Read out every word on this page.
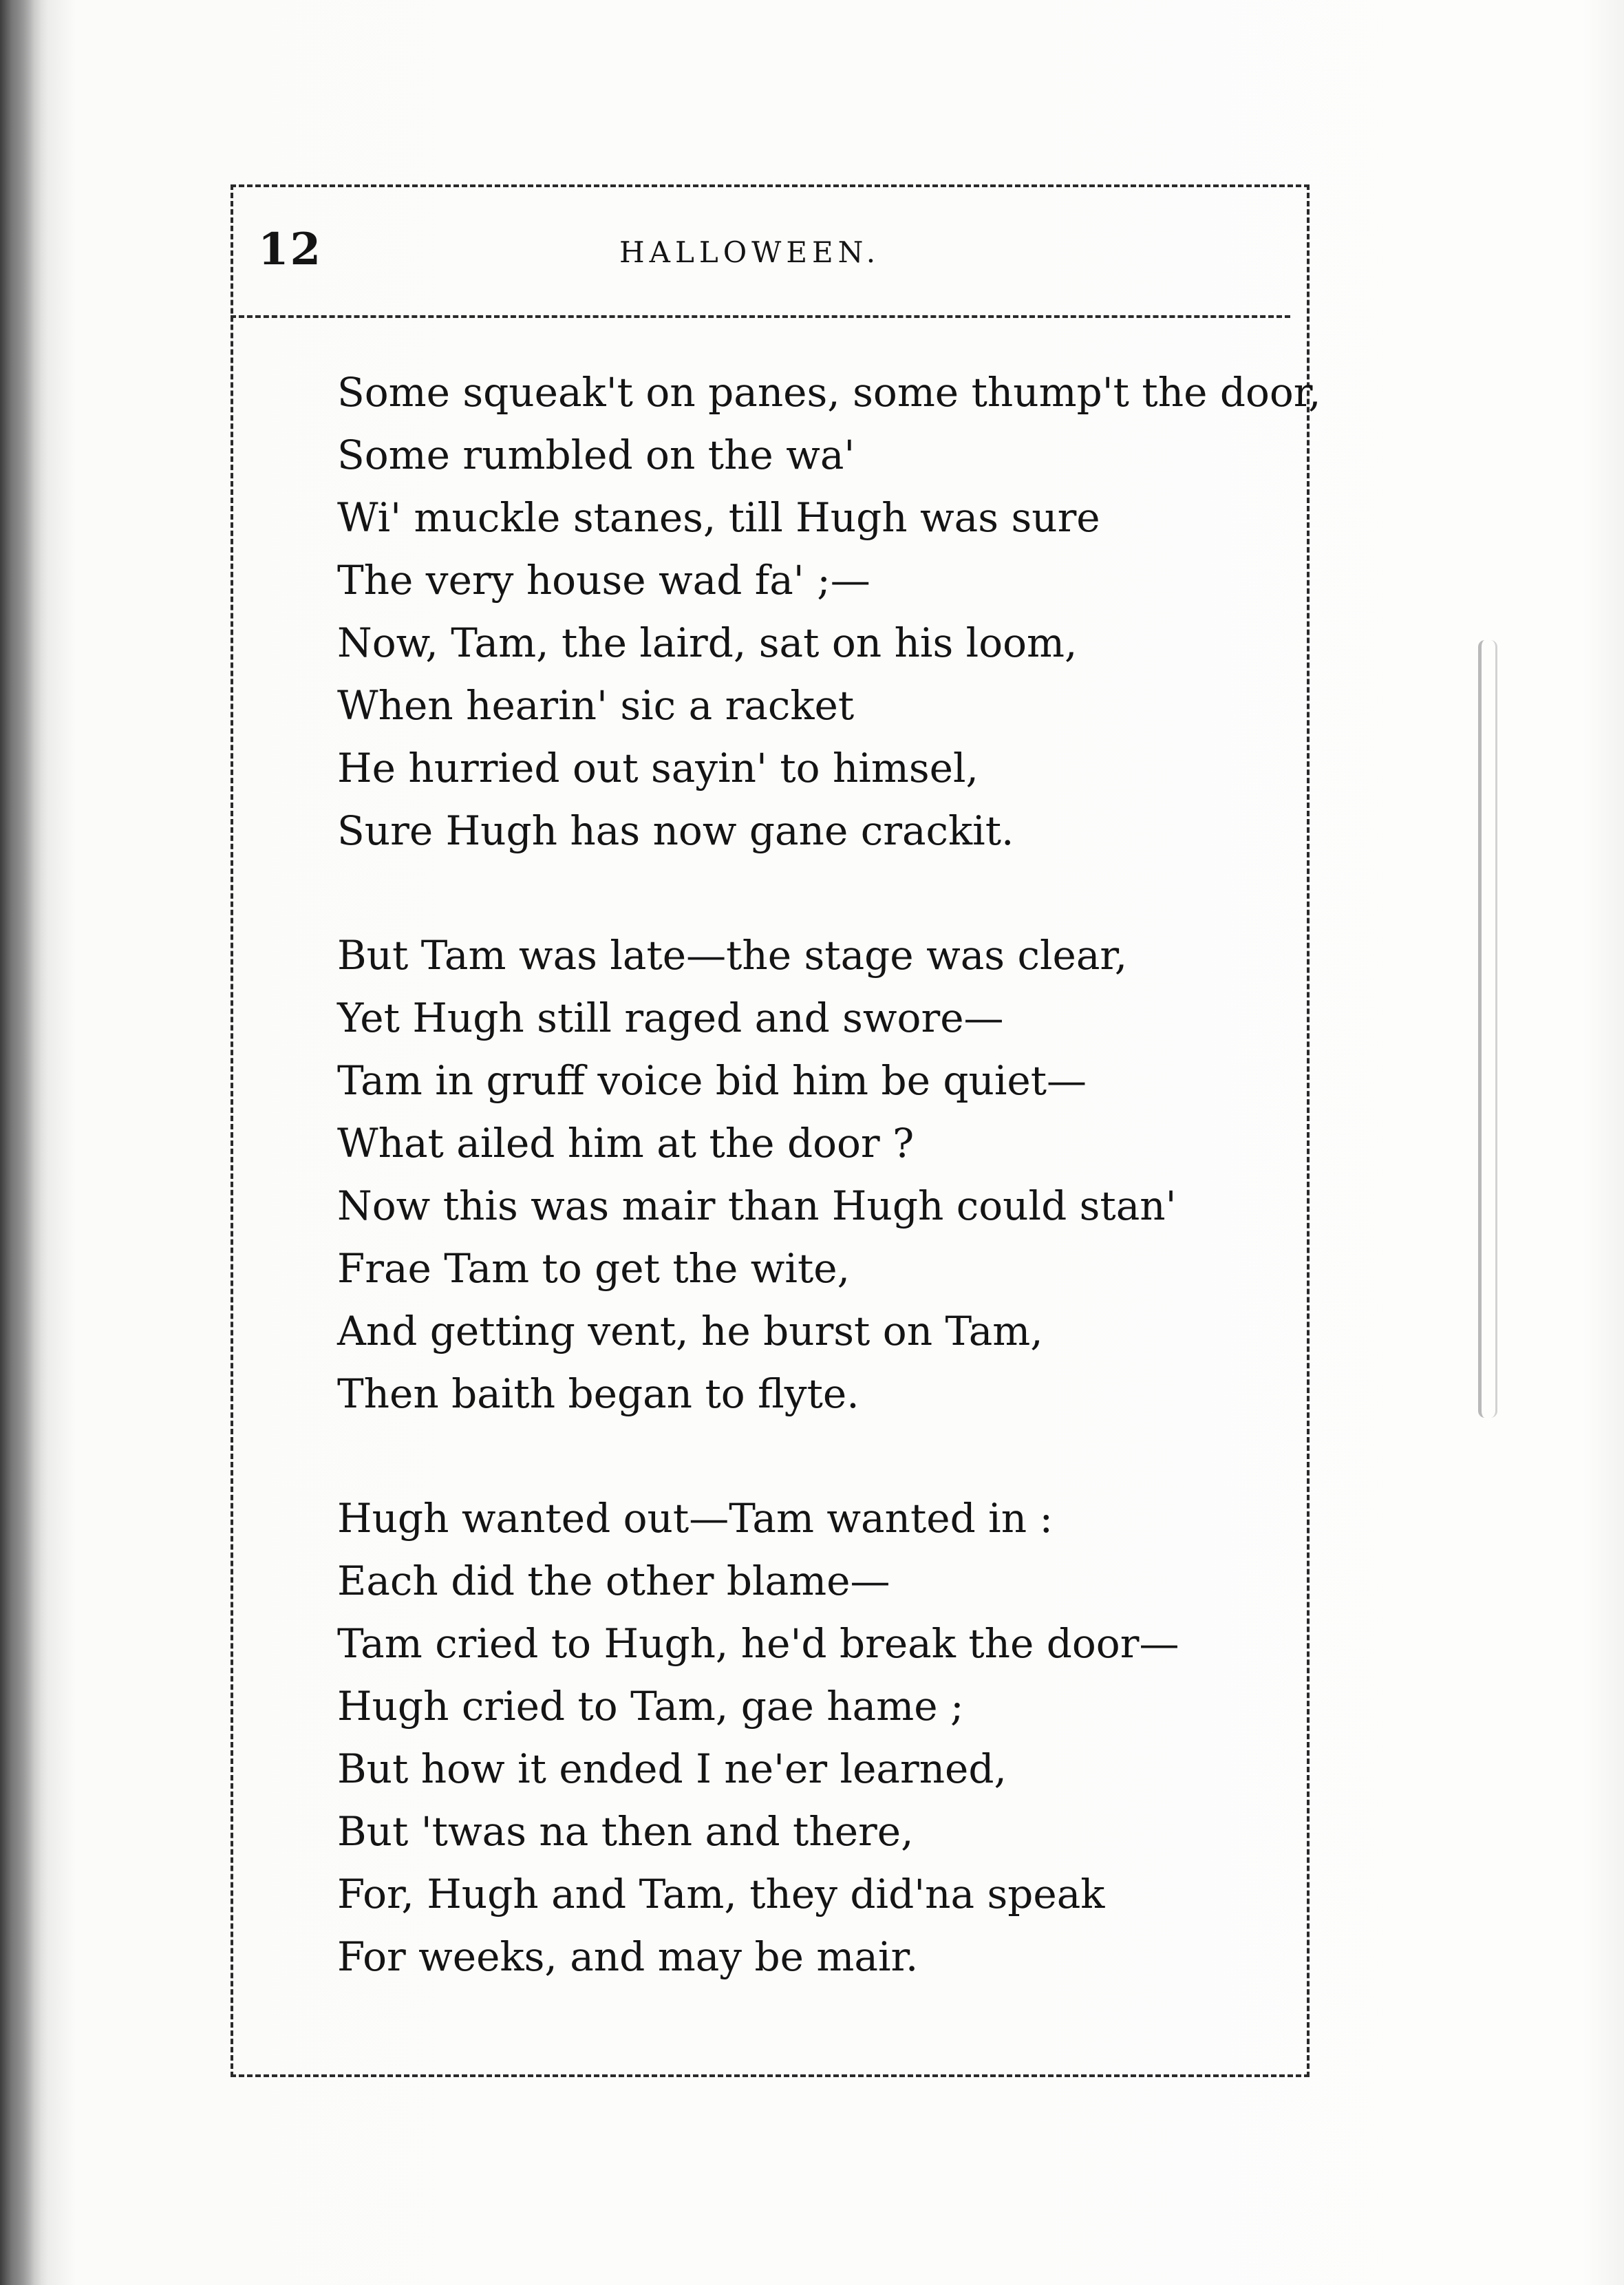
12	HALLOWEEN.

Some squeak't on panes, some thump't the door,

Some rumbled on the wa'

Wi' muckle stanes, till Hugh was sure

The very house wad fa' ;—

Now, Tam, the laird, sat on his loom,

When hearin' sic a racket

He hurried out sayin' to himsel,

Sure Hugh has now gane crackit.

But Tam was late—the stage was clear,

Yet Hugh still raged and swore—

Tam in gruff voice bid him be quiet—

What ailed him at the door ?

Now this was mair than Hugh could stan'

Frae Tam to get the wite,

And getting vent, he burst on Tam,

Then baith began to flyte.

Hugh wanted out—Tam wanted in :

Each did the other blame—

Tam cried to Hugh, he'd break the door—

Hugh cried to Tam, gae hame ;

But how it ended I ne'er learned,

But 'twas na then and there,

For, Hugh and Tam, they did'na speak

For weeks, and may be mair.
